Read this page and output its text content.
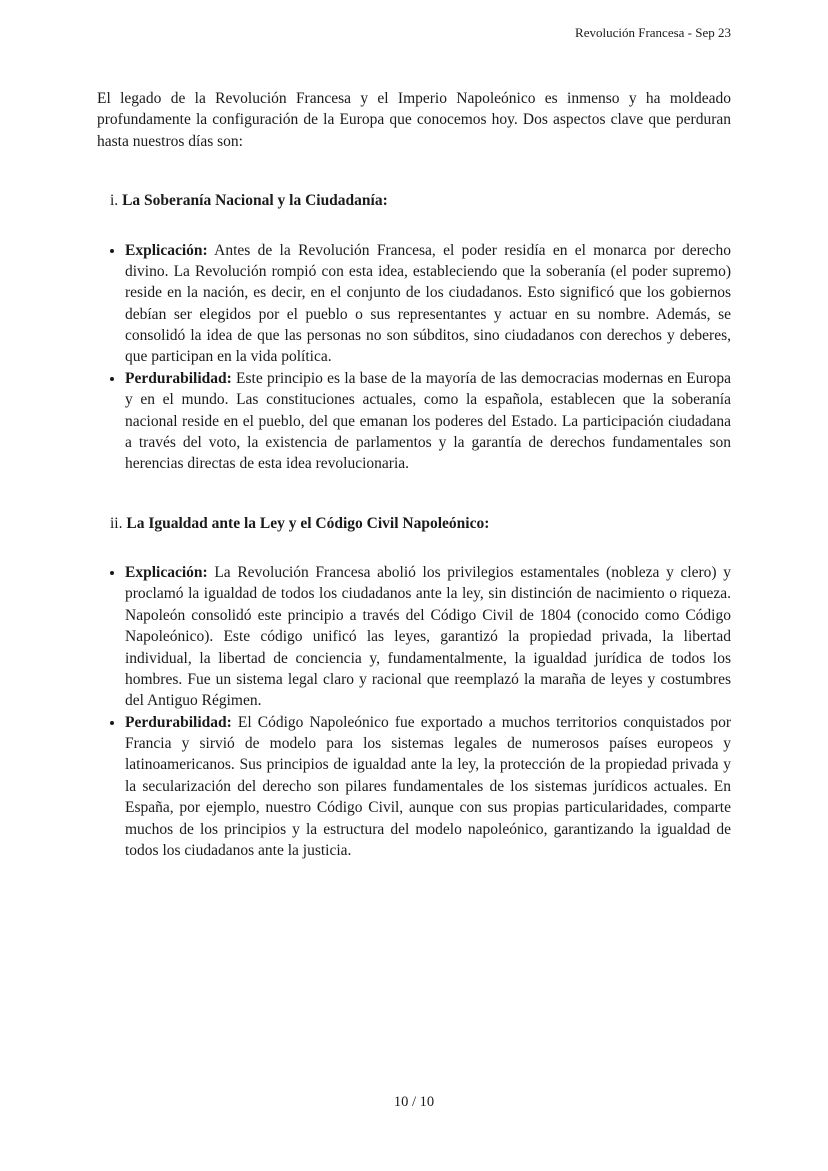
Revolución Francesa - Sep 23

El legado de la Revolución Francesa y el Imperio Napoleónico es inmenso y ha moldeado profundamente la configuración de la Europa que conocemos hoy. Dos aspectos clave que perduran hasta nuestros días son:

i. La Soberanía Nacional y la Ciudadanía:

• Explicación: Antes de la Revolución Francesa, el poder residía en el monarca por derecho divino. La Revolución rompió con esta idea, estableciendo que la soberanía (el poder supremo) reside en la nación, es decir, en el conjunto de los ciudadanos. Esto significó que los gobiernos debían ser elegidos por el pueblo o sus representantes y actuar en su nombre. Además, se consolidó la idea de que las personas no son súbditos, sino ciudadanos con derechos y deberes, que participan en la vida política.
• Perdurabilidad: Este principio es la base de la mayoría de las democracias modernas en Europa y en el mundo. Las constituciones actuales, como la española, establecen que la soberanía nacional reside en el pueblo, del que emanan los poderes del Estado. La participación ciudadana a través del voto, la existencia de parlamentos y la garantía de derechos fundamentales son herencias directas de esta idea revolucionaria.

ii. La Igualdad ante la Ley y el Código Civil Napoleónico:

• Explicación: La Revolución Francesa abolió los privilegios estamentales (nobleza y clero) y proclamó la igualdad de todos los ciudadanos ante la ley, sin distinción de nacimiento o riqueza. Napoleón consolidó este principio a través del Código Civil de 1804 (conocido como Código Napoleónico). Este código unificó las leyes, garantizó la propiedad privada, la libertad individual, la libertad de conciencia y, fundamentalmente, la igualdad jurídica de todos los hombres. Fue un sistema legal claro y racional que reemplazó la maraña de leyes y costumbres del Antiguo Régimen.
• Perdurabilidad: El Código Napoleónico fue exportado a muchos territorios conquistados por Francia y sirvió de modelo para los sistemas legales de numerosos países europeos y latinoamericanos. Sus principios de igualdad ante la ley, la protección de la propiedad privada y la secularización del derecho son pilares fundamentales de los sistemas jurídicos actuales. En España, por ejemplo, nuestro Código Civil, aunque con sus propias particularidades, comparte muchos de los principios y la estructura del modelo napoleónico, garantizando la igualdad de todos los ciudadanos ante la justicia.
10 / 10
